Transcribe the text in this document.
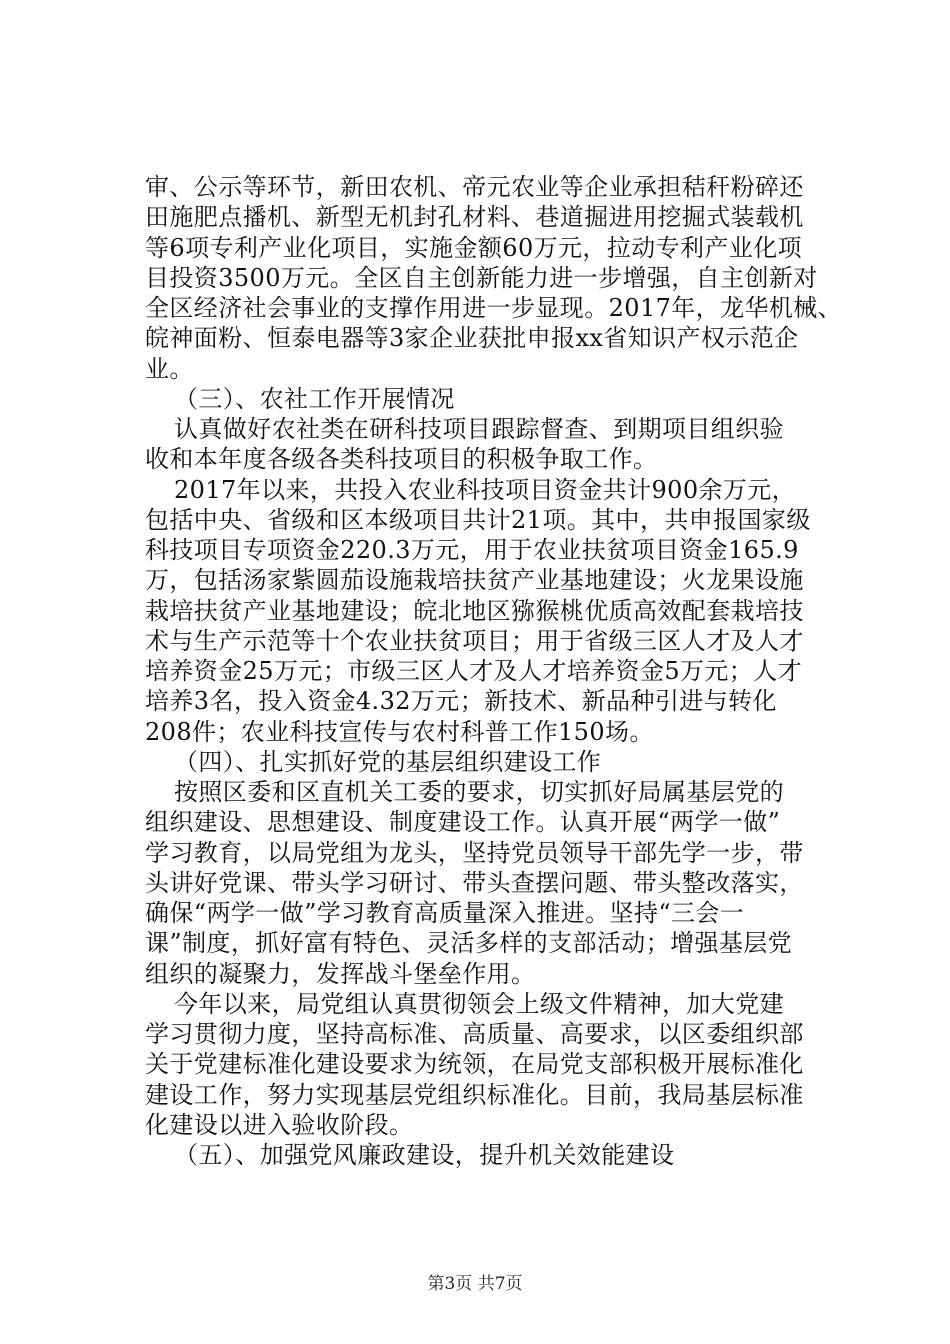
审、公示等环节，新田农机、帝元农业等企业承担秸秆粉碎还
田施肥点播机、新型无机封孔材料、巷道掘进用挖掘式装载机
等6项专利产业化项目，实施金额60万元，拉动专利产业化项
目投资3500万元。全区自主创新能力进一步增强，自主创新对
全区经济社会事业的支撑作用进一步显现。2017年，龙华机械、
皖神面粉、恒泰电器等3家企业获批申报xx省知识产权示范企
业。
（三）、农社工作开展情况
认真做好农社类在研科技项目跟踪督查、到期项目组织验
收和本年度各级各类科技项目的积极争取工作。
2017年以来，共投入农业科技项目资金共计900余万元，
包括中央、省级和区本级项目共计21项。其中，共申报国家级
科技项目专项资金220.3万元，用于农业扶贫项目资金165.9
万，包括汤家紫圆茄设施栽培扶贫产业基地建设；火龙果设施
栽培扶贫产业基地建设；皖北地区猕猴桃优质高效配套栽培技
术与生产示范等十个农业扶贫项目；用于省级三区人才及人才
培养资金25万元；市级三区人才及人才培养资金5万元；人才
培养3名，投入资金4.32万元；新技术、新品种引进与转化
208件；农业科技宣传与农村科普工作150场。
（四）、扎实抓好党的基层组织建设工作
按照区委和区直机关工委的要求，切实抓好局属基层党的
组织建设、思想建设、制度建设工作。认真开展“两学一做”
学习教育，以局党组为龙头，坚持党员领导干部先学一步，带
头讲好党课、带头学习研讨、带头查摆问题、带头整改落实，
确保“两学一做”学习教育高质量深入推进。坚持“三会一
课”制度，抓好富有特色、灵活多样的支部活动；增强基层党
组织的凝聚力，发挥战斗堡垒作用。
今年以来，局党组认真贯彻领会上级文件精神，加大党建
学习贯彻力度，坚持高标准、高质量、高要求，以区委组织部
关于党建标准化建设要求为统领，在局党支部积极开展标准化
建设工作，努力实现基层党组织标准化。目前，我局基层标准
化建设以进入验收阶段。
（五）、加强党风廉政建设，提升机关效能建设
第3页 共7页
